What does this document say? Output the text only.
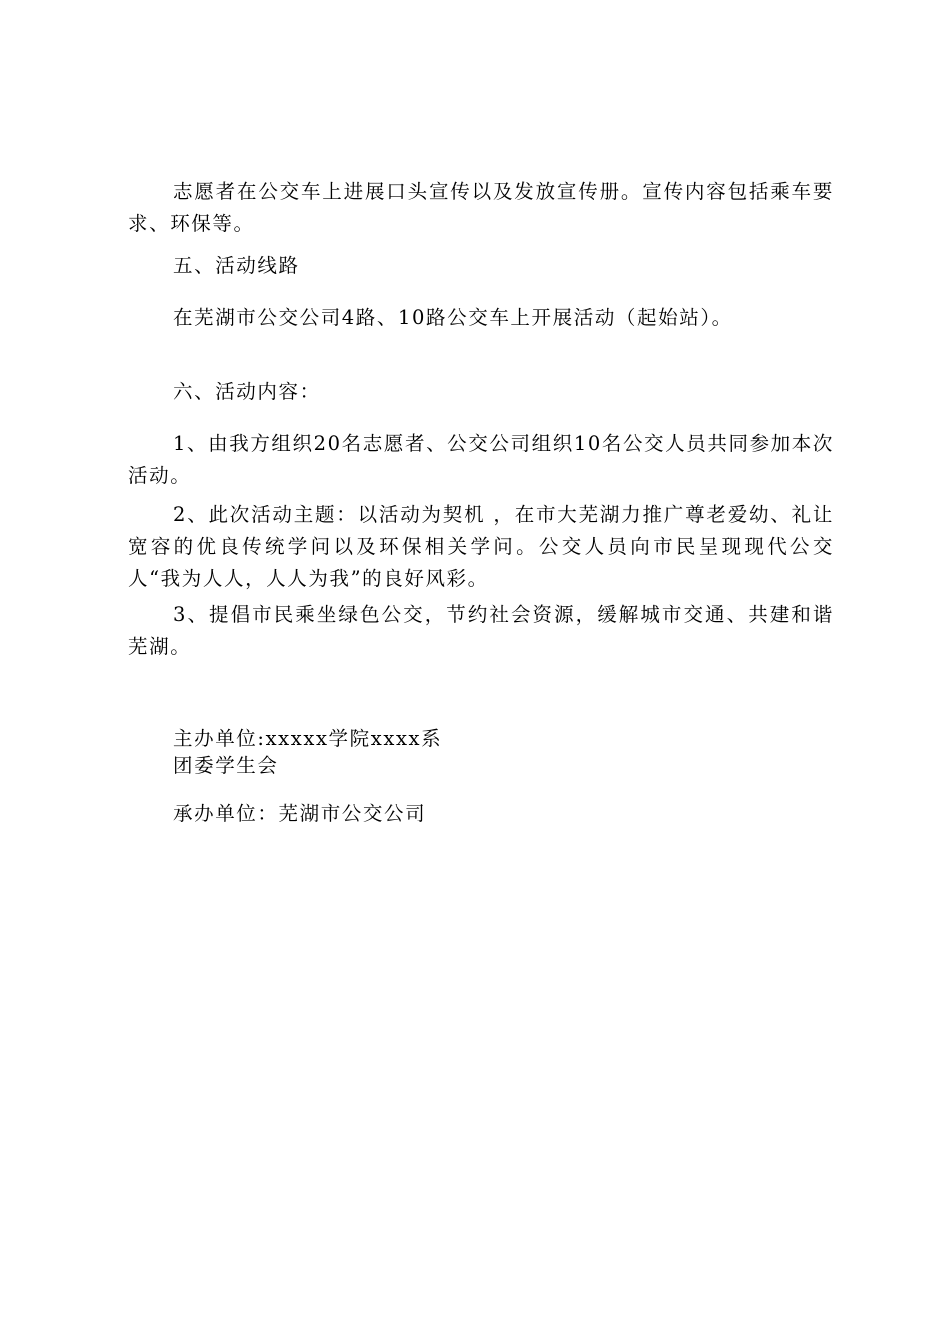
志愿者在公交车上进展口头宣传以及发放宣传册。宣传内容包括乘车要求、环保等。

五、活动线路

在芜湖市公交公司4路、10路公交车上开展活动（起始站）。

六、活动内容：

1、由我方组织20名志愿者、公交公司组织10名公交人员共同参加本次活动。

2、此次活动主题：以活动为契机 ，在市大芜湖力推广尊老爱幼、礼让宽容的优良传统学问以及环保相关学问。公交人员向市民呈现现代公交人“我为人人，人人为我”的良好风彩。

3、提倡市民乘坐绿色公交，节约社会资源，缓解城市交通、共建和谐芜湖。

主办单位:xxxxx学院xxxx系

团委学生会

承办单位：芜湖市公交公司
